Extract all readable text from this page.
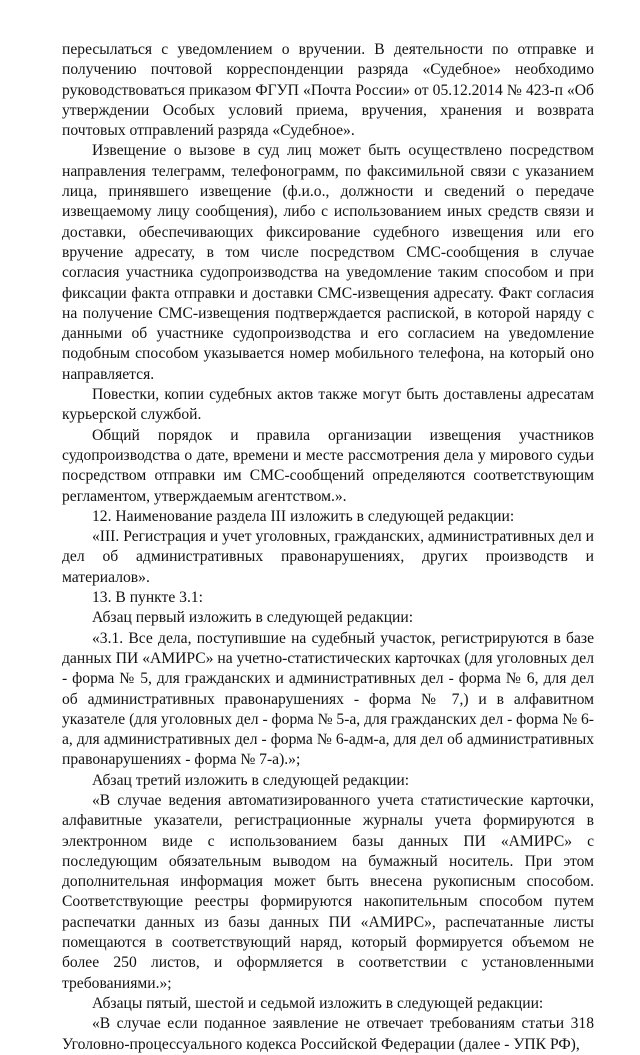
пересылаться с уведомлением о вручении. В деятельности по отправке и получению почтовой корреспонденции разряда «Судебное» необходимо руководствоваться приказом ФГУП «Почта России» от 05.12.2014 № 423-п «Об утверждении Особых условий приема, вручения, хранения и возврата почтовых отправлений разряда «Судебное».

Извещение о вызове в суд лиц может быть осуществлено посредством направления телеграмм, телефонограмм, по факсимильной связи с указанием лица, принявшего извещение (ф.и.о., должности и сведений о передаче извещаемому лицу сообщения), либо с использованием иных средств связи и доставки, обеспечивающих фиксирование судебного извещения или его вручение адресату, в том числе посредством СМС-сообщения в случае согласия участника судопроизводства на уведомление таким способом и при фиксации факта отправки и доставки СМС-извещения адресату. Факт согласия на получение СМС-извещения подтверждается распиской, в которой наряду с данными об участнике судопроизводства и его согласием на уведомление подобным способом указывается номер мобильного телефона, на который оно направляется.

Повестки, копии судебных актов также могут быть доставлены адресатам курьерской службой.

Общий порядок и правила организации извещения участников судопроизводства о дате, времени и месте рассмотрения дела у мирового судьи посредством отправки им СМС-сообщений определяются соответствующим регламентом, утверждаемым агентством.».

12. Наименование раздела III изложить в следующей редакции:

«III. Регистрация и учет уголовных, гражданских, административных дел и дел об административных правонарушениях, других производств и материалов».

13. В пункте 3.1:

Абзац первый изложить в следующей редакции:

«3.1. Все дела, поступившие на судебный участок, регистрируются в базе данных ПИ «АМИРС» на учетно-статистических карточках (для уголовных дел - форма № 5, для гражданских и административных дел - форма № 6, для дел об административных правонарушениях - форма № 7,) и в алфавитном указателе (для уголовных дел - форма № 5-а, для гражданских дел - форма № 6-а, для административных дел - форма № 6-адм-а, для дел об административных правонарушениях - форма № 7-а).»;

Абзац третий изложить в следующей редакции:

«В случае ведения автоматизированного учета статистические карточки, алфавитные указатели, регистрационные журналы учета формируются в электронном виде с использованием базы данных ПИ «АМИРС» с последующим обязательным выводом на бумажный носитель. При этом дополнительная информация может быть внесена рукописным способом. Соответствующие реестры формируются накопительным способом путем распечатки данных из базы данных ПИ «АМИРС», распечатанные листы помещаются в соответствующий наряд, который формируется объемом не более 250 листов, и оформляется в соответствии с установленными требованиями.»;

Абзацы пятый, шестой и седьмой изложить в следующей редакции:

«В случае если поданное заявление не отвечает требованиям статьи 318 Уголовно-процессуального кодекса Российской Федерации (далее - УПК РФ),
